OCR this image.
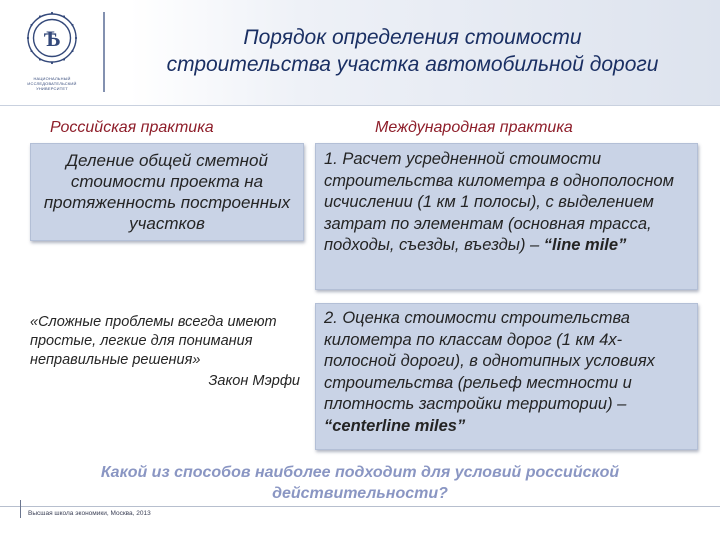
Ѣ
НАЦИОНАЛЬНЫЙ ИССЛЕДОВАТЕЛЬСКИЙ
УНИВЕРСИТЕТ
Порядок определения стоимости
строительства участка автомобильной дороги
Российская практика	Международная практика
Деление общей сметной стоимости проекта на протяженность построенных участков
1. Расчет усредненной стоимости строительства километра в однополосном исчислении (1 км 1 полосы), с выделением затрат по элементам (основная трасса, подходы, съезды, въезды) – “line mile”
2. Оценка стоимости строительства километра по классам дорог (1 км 4х-полосной дороги), в однотипных условиях строительства (рельеф местности и плотность застройки территории) – “centerline miles”
«Сложные проблемы всегда имеют простые, легкие для понимания неправильные решения»
Закон Мэрфи
Какой из способов наиболее подходит для условий российской
действительности?
Высшая школа экономики, Москва, 2013
